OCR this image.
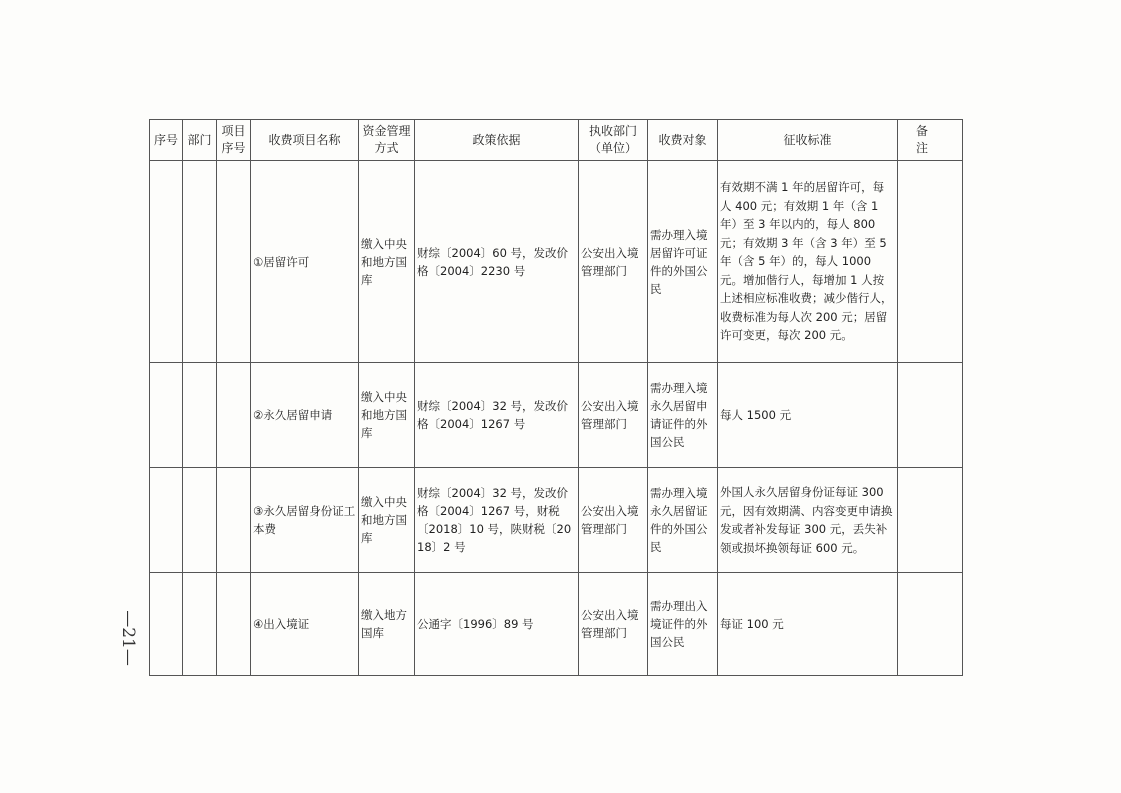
—21—
序号	部门	项目序号	收费项目名称	资金管理方式	政策依据	执收部门（单位）	收费对象	征收标准	备 注
			①居留许可	缴入中央和地方国库	财综〔2004〕60 号，发改价格〔2004〕2230 号	公安出入境管理部门	需办理入境居留许可证件的外国公民	有效期不满 1 年的居留许可，每人 400 元；有效期 1 年（含 1 年）至 3 年以内的，每人 800 元；有效期 3 年（含 3 年）至 5 年（含 5 年）的，每人 1000 元。增加偕行人，每增加 1 人按上述相应标准收费；减少偕行人，收费标准为每人次 200 元；居留许可变更，每次 200 元。	
			②永久居留申请	缴入中央和地方国库	财综〔2004〕32 号，发改价格〔2004〕1267 号	公安出入境管理部门	需办理入境永久居留申请证件的外国公民	每人 1500 元	
			③永久居留身份证工本费	缴入中央和地方国库	财综〔2004〕32 号，发改价格〔2004〕1267 号，财税〔2018〕10 号，陕财税〔2018〕2 号	公安出入境管理部门	需办理入境永久居留证件的外国公民	外国人永久居留身份证每证 300 元，因有效期满、内容变更申请换发或者补发每证 300 元，丢失补领或损坏换领每证 600 元。	
			④出入境证	缴入地方国库	公通字〔1996〕89 号	公安出入境管理部门	需办理出入境证件的外国公民	每证 100 元	
